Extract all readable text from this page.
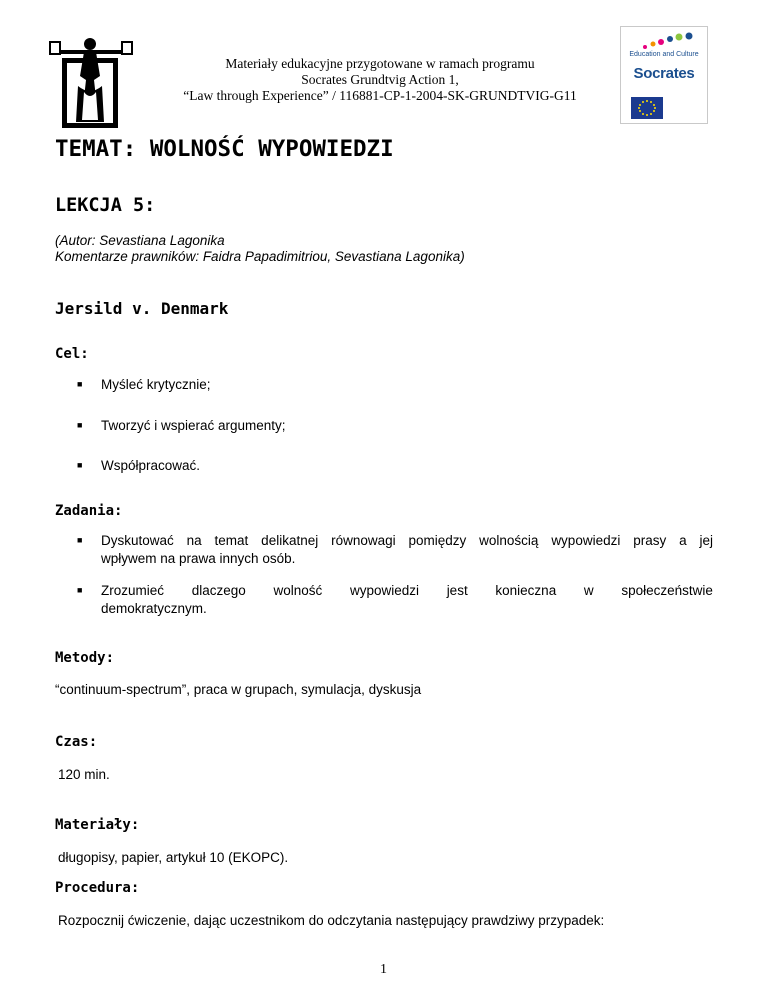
Materiały edukacyjne przygotowane w ramach programu
Socrates Grundtvig Action 1,
“Law through Experience” / 116881-CP-1-2004-SK-GRUNDTVIG-G11
Education and Culture
Socrates
TEMAT: WOLNOŚĆ WYPOWIEDZI
LEKCJA 5:
(Autor: Sevastiana Lagonika
Komentarze prawników: Faidra Papadimitriou, Sevastiana Lagonika)
Jersild v. Denmark
Cel:
■ Myśleć krytycznie;
■ Tworzyć i wspierać argumenty;
■ Współpracować.
Zadania:
■ Dyskutować na temat delikatnej równowagi pomiędzy wolnością wypowiedzi prasy a jej
wpływem na prawa innych osób.
■ Zrozumieć dlaczego wolność wypowiedzi jest konieczna w społeczeństwie
demokratycznym.
Metody:
“continuum-spectrum”, praca w grupach, symulacja, dyskusja
Czas:
120 min.
Materiały:
długopisy, papier, artykuł 10 (EKOPC).
Procedura:
Rozpocznij ćwiczenie, dając uczestnikom do odczytania następujący prawdziwy przypadek:
1
